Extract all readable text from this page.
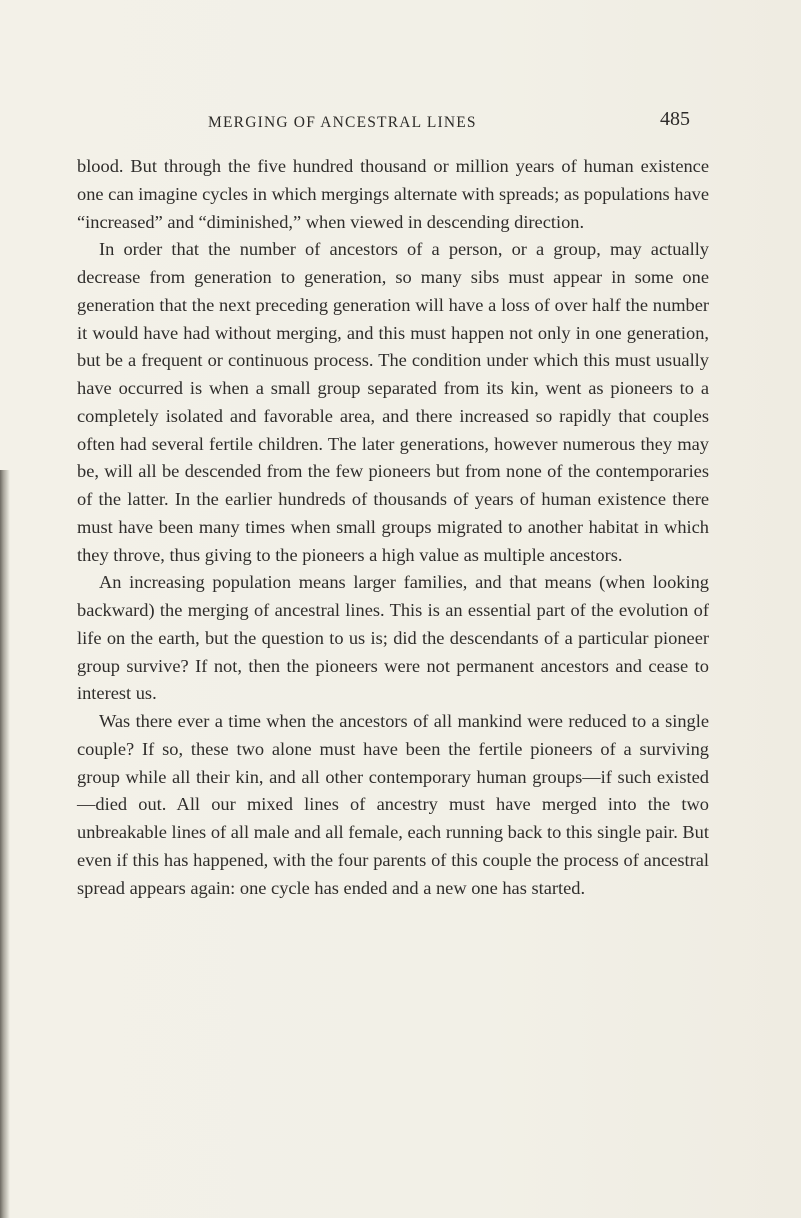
MERGING OF ANCESTRAL LINES	485

blood. But through the five hundred thousand or million years of human existence one can imagine cycles in which mergings alternate with spreads; as populations have “increased” and “diminished,” when viewed in descending direction.

In order that the number of ancestors of a person, or a group, may actually decrease from generation to generation, so many sibs must appear in some one generation that the next preceding generation will have a loss of over half the number it would have had without merging, and this must happen not only in one generation, but be a frequent or continuous process. The condition under which this must usually have occurred is when a small group separated from its kin, went as pioneers to a completely isolated and favorable area, and there increased so rapidly that couples often had several fertile children. The later generations, however numerous they may be, will all be descended from the few pioneers but from none of the contemporaries of the latter. In the earlier hundreds of thousands of years of human existence there must have been many times when small groups migrated to another habitat in which they throve, thus giving to the pioneers a high value as multiple ancestors.

An increasing population means larger families, and that means (when looking backward) the merging of ancestral lines. This is an essential part of the evolution of life on the earth, but the question to us is; did the descendants of a particular pioneer group survive? If not, then the pioneers were not permanent ancestors and cease to interest us.

Was there ever a time when the ancestors of all mankind were reduced to a single couple? If so, these two alone must have been the fertile pioneers of a surviving group while all their kin, and all other contemporary human groups—if such existed—died out. All our mixed lines of ancestry must have merged into the two unbreakable lines of all male and all female, each running back to this single pair. But even if this has happened, with the four parents of this couple the process of ancestral spread appears again: one cycle has ended and a new one has started.
